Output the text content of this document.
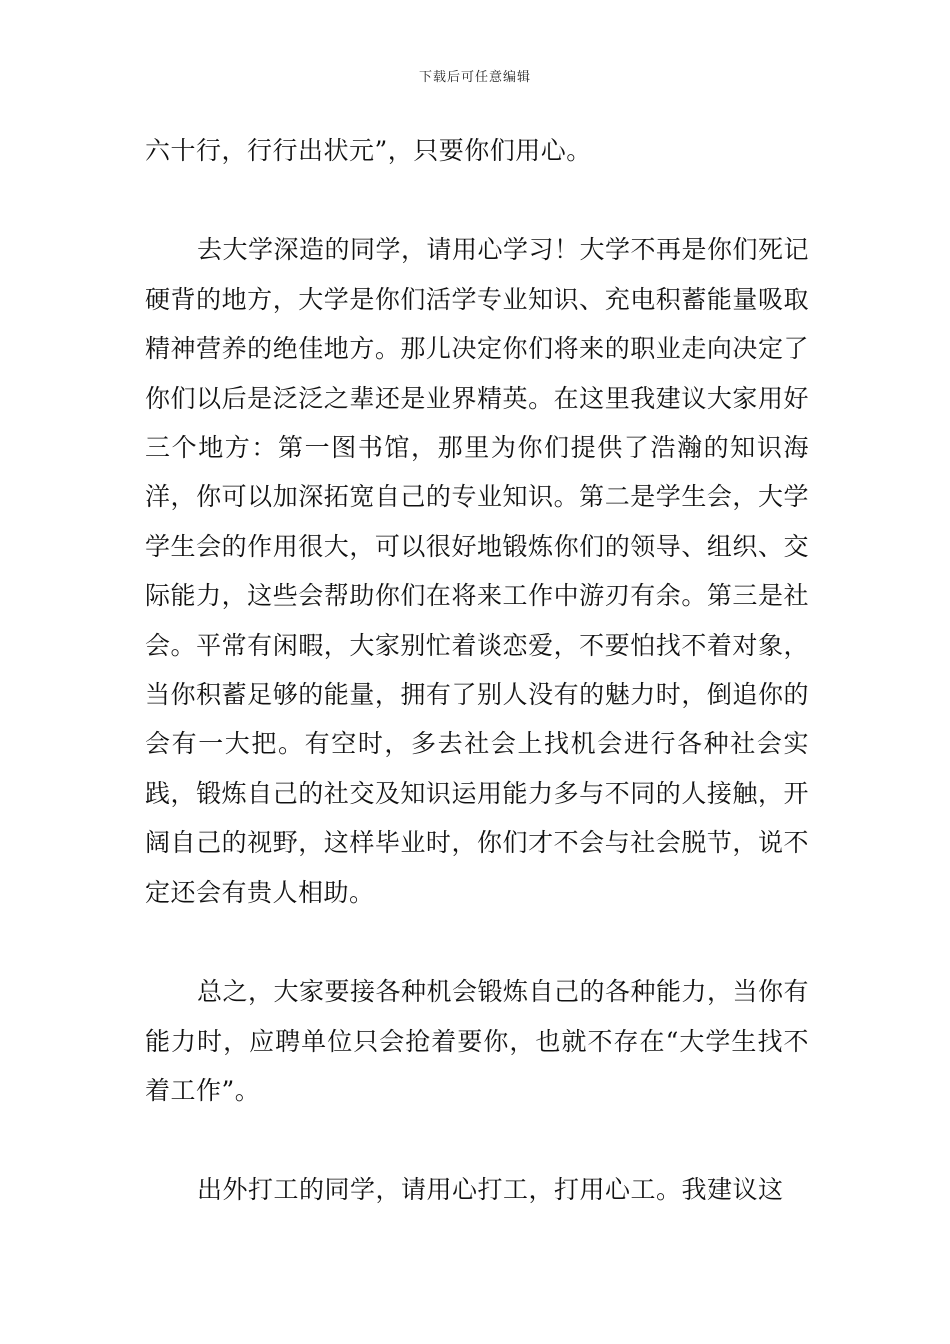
下载后可任意编辑

六十行，行行出状元”，只要你们用心。

去大学深造的同学，请用心学习！大学不再是你们死记硬背的地方，大学是你们活学专业知识、充电积蓄能量吸取精神营养的绝佳地方。那儿决定你们将来的职业走向决定了你们以后是泛泛之辈还是业界精英。在这里我建议大家用好三个地方：第一图书馆，那里为你们提供了浩瀚的知识海洋，你可以加深拓宽自己的专业知识。第二是学生会，大学学生会的作用很大，可以很好地锻炼你们的领导、组织、交际能力，这些会帮助你们在将来工作中游刃有余。第三是社会。平常有闲暇，大家别忙着谈恋爱，不要怕找不着对象，当你积蓄足够的能量，拥有了别人没有的魅力时，倒追你的会有一大把。有空时，多去社会上找机会进行各种社会实践，锻炼自己的社交及知识运用能力多与不同的人接触，开阔自己的视野，这样毕业时，你们才不会与社会脱节，说不定还会有贵人相助。

总之，大家要接各种机会锻炼自己的各种能力，当你有能力时，应聘单位只会抢着要你，也就不存在“大学生找不着工作”。

出外打工的同学，请用心打工，打用心工。我建议这
